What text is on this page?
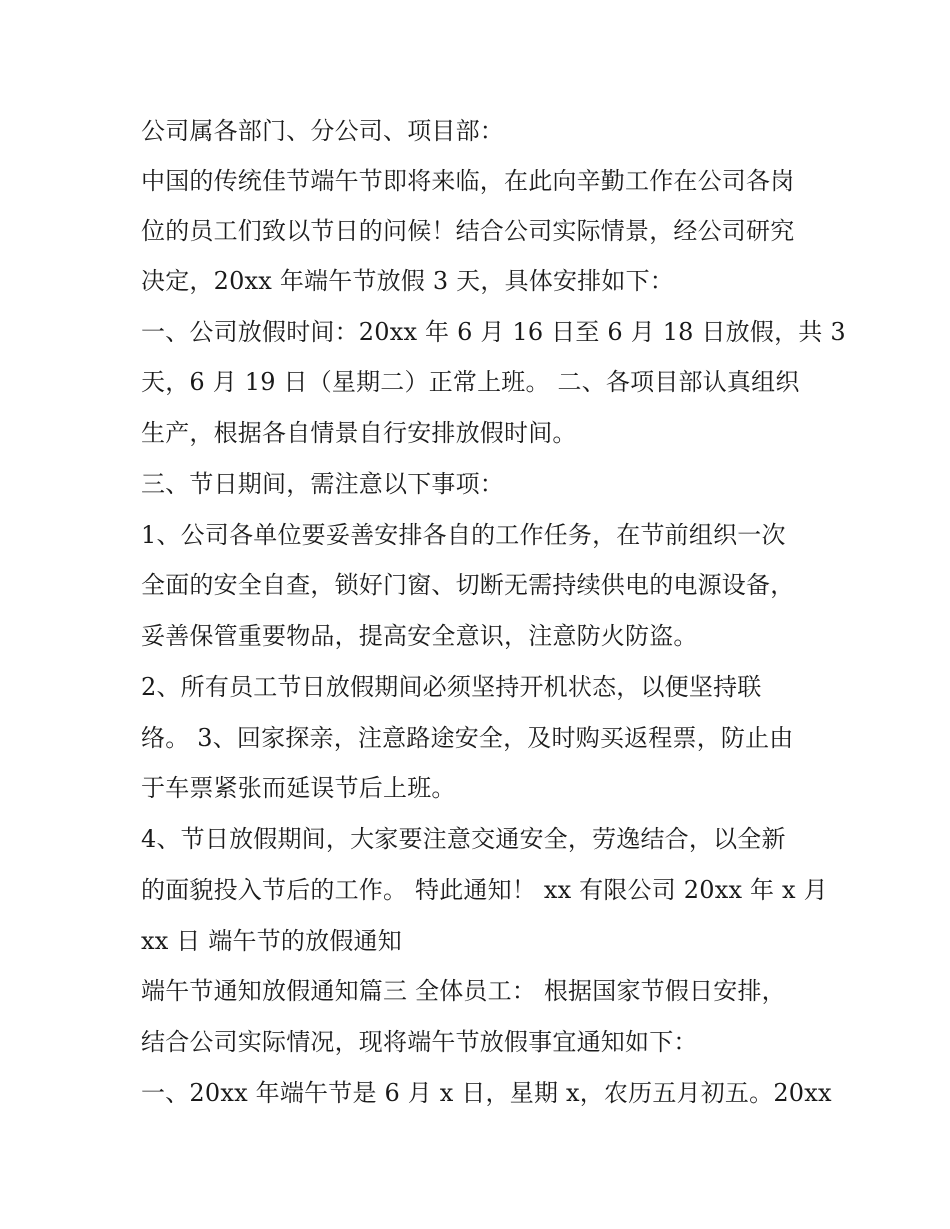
公司属各部门、分公司、项目部：
中国的传统佳节端午节即将来临，在此向辛勤工作在公司各岗
位的员工们致以节日的问候！结合公司实际情景，经公司研究
决定，20xx 年端午节放假 3 天，具体安排如下：
一、公司放假时间：20xx 年 6 月 16 日至 6 月 18 日放假，共 3
天，6 月 19 日（星期二）正常上班。 二、各项目部认真组织
生产，根据各自情景自行安排放假时间。
三、节日期间，需注意以下事项：
1、公司各单位要妥善安排各自的工作任务，在节前组织一次
全面的安全自查，锁好门窗、切断无需持续供电的电源设备，
妥善保管重要物品，提高安全意识，注意防火防盗。
2、所有员工节日放假期间必须坚持开机状态，以便坚持联
络。 3、回家探亲，注意路途安全，及时购买返程票，防止由
于车票紧张而延误节后上班。
4、节日放假期间，大家要注意交通安全，劳逸结合，以全新
的面貌投入节后的工作。 特此通知！ xx 有限公司 20xx 年 x 月
xx 日 端午节的放假通知
端午节通知放假通知篇三 全体员工： 根据国家节假日安排，
结合公司实际情况，现将端午节放假事宜通知如下：
一、20xx 年端午节是 6 月 x 日，星期 x，农历五月初五。20xx
